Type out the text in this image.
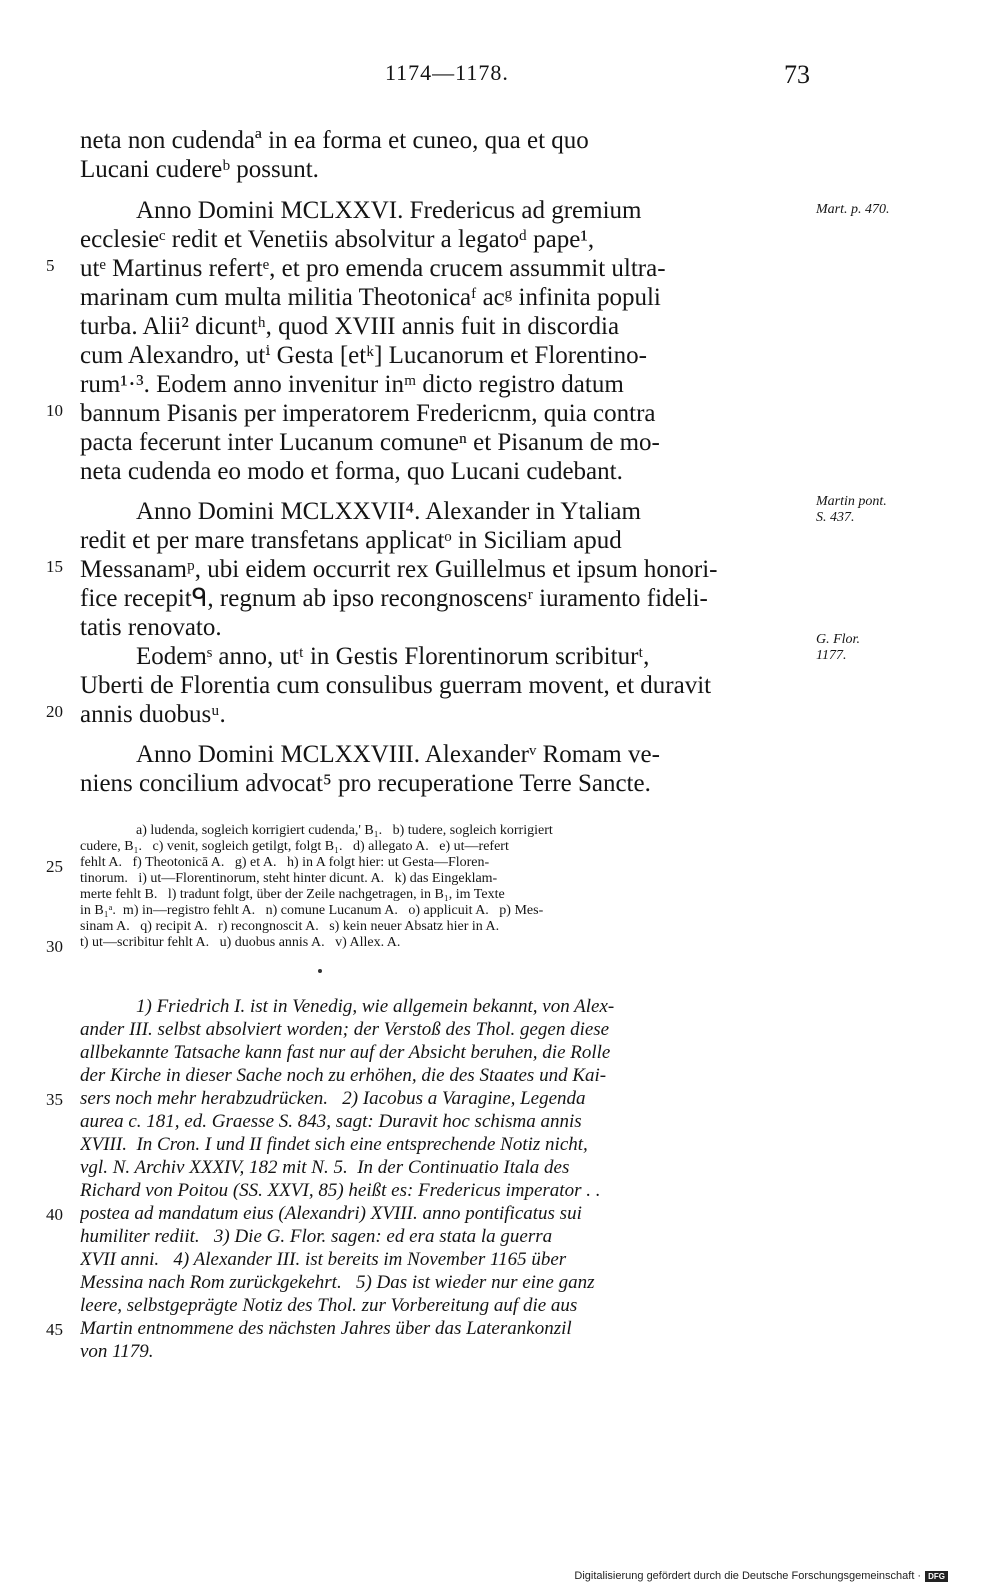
1174—1178.	73
neta non cudendaª in ea forma et cuneo, qua et quo
Lucani cudereᵇ possunt.
Anno Domini MCLXXVI. Fredericus ad gremium
ecclesieᶜ redit et Venetiis absolvitur a legatoᵈ pape¹,
utᵉ Martinus refertᵉ, et pro emenda crucem assummit ultra-
marinam cum multa militia Theotonicaᶠ acᵍ infinita populi
turba. Alii² dicuntʰ, quod XVIII annis fuit in discordia
cum Alexandro, utⁱ Gesta [etᵏ] Lucanorum et Florentino-
rum¹·³. Eodem anno invenitur inᵐ dicto registro datum
bannum Pisanis per imperatorem Fredericnm, quia contra
pacta fecerunt inter Lucanum comuneⁿ et Pisanum de mo-
neta cudenda eo modo et forma, quo Lucani cudebant.
Anno Domini MCLXXVII⁴. Alexander in Ytaliam
redit et per mare transfetans applicatᵒ in Siciliam apud
Messanamᵖ, ubi eidem occurrit rex Guillelmus et ipsum honori-
fice recepitᑫ, regnum ab ipso recongnoscensʳ iuramento fideli-
tatis renovato.
Eodemˢ anno, utᵗ in Gestis Florentinorum scribiturᵗ,
Uberti de Florentia cum consulibus guerram movent, et duravit
annis duobusᵘ.
Anno Domini MCLXXVIII. Alexanderᵛ Romam ve-
niens concilium advocat⁵ pro recuperatione Terre Sancte.
5
10
15
20
Mart. p. 470.
Martin pont.
S. 437.
G. Flor.
1177.
a) ludenda, sogleich korrigiert cudenda,' B₁.   b) tudere, sogleich korrigiert
cudere, B₁.   c) venit, sogleich getilgt, folgt B₁.   d) allegato A.   e) ut—refert
fehlt A.   f) Theotonicā A.   g) et A.   h) in A folgt hier: ut Gesta—Floren-
tinorum.   i) ut—Florentinorum, steht hinter dicunt. A.   k) das Eingeklam-
merte fehlt B.   l) tradunt folgt, über der Zeile nachgetragen, in B₁, im Texte
in B₁ᵃ.  m) in—registro fehlt A.   n) comune Lucanum A.   o) applicuit A.   p) Mes-
sinam A.   q) recipit A.   r) recongnoscit A.   s) kein neuer Absatz hier in A.
t) ut—scribitur fehlt A.   u) duobus annis A.   v) Allex. A.
25
30
1) Friedrich I. ist in Venedig, wie allgemein bekannt, von Alex-
ander III. selbst absolviert worden; der Verstoß des Thol. gegen diese
allbekannte Tatsache kann fast nur auf der Absicht beruhen, die Rolle
der Kirche in dieser Sache noch zu erhöhen, die des Staates und Kai-
sers noch mehr herabzudrücken.   2) Iacobus a Varagine, Legenda
aurea c. 181, ed. Graesse S. 843, sagt: Duravit hoc schisma annis
XVIII.  In Cron. I und II findet sich eine entsprechende Notiz nicht,
vgl. N. Archiv XXXIV, 182 mit N. 5.  In der Continuatio Itala des
Richard von Poitou (SS. XXVI, 85) heißt es: Fredericus imperator . .
postea ad mandatum eius (Alexandri) XVIII. anno pontificatus sui
humiliter rediit.   3) Die G. Flor. sagen: ed era stata la guerra
XVII anni.   4) Alexander III. ist bereits im November 1165 über
Messina nach Rom zurückgekehrt.   5) Das ist wieder nur eine ganz
leere, selbstgeprägte Notiz des Thol. zur Vorbereitung auf die aus
Martin entnommene des nächsten Jahres über das Laterankonzil
von 1179.
35
40
45
Digitalisierung gefördert durch die Deutsche Forschungsgemeinschaft · DFG
